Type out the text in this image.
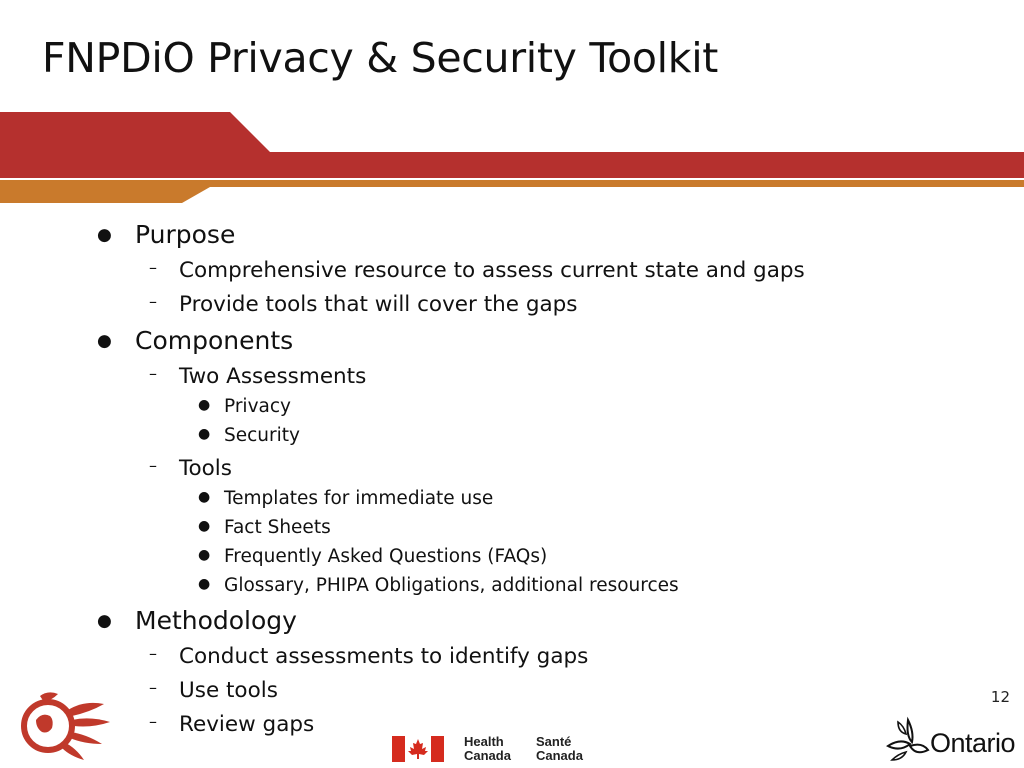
FNPDiO Privacy & Security Toolkit
● Purpose
– Comprehensive resource to assess current state and gaps
– Provide tools that will cover the gaps
● Components
– Two Assessments
● Privacy
● Security
– Tools
● Templates for immediate use
● Fact Sheets
● Frequently Asked Questions (FAQs)
● Glossary, PHIPA Obligations, additional resources
● Methodology
– Conduct assessments to identify gaps
– Use tools
– Review gaps
12
Health
Canada
Santé
Canada	Ontario
